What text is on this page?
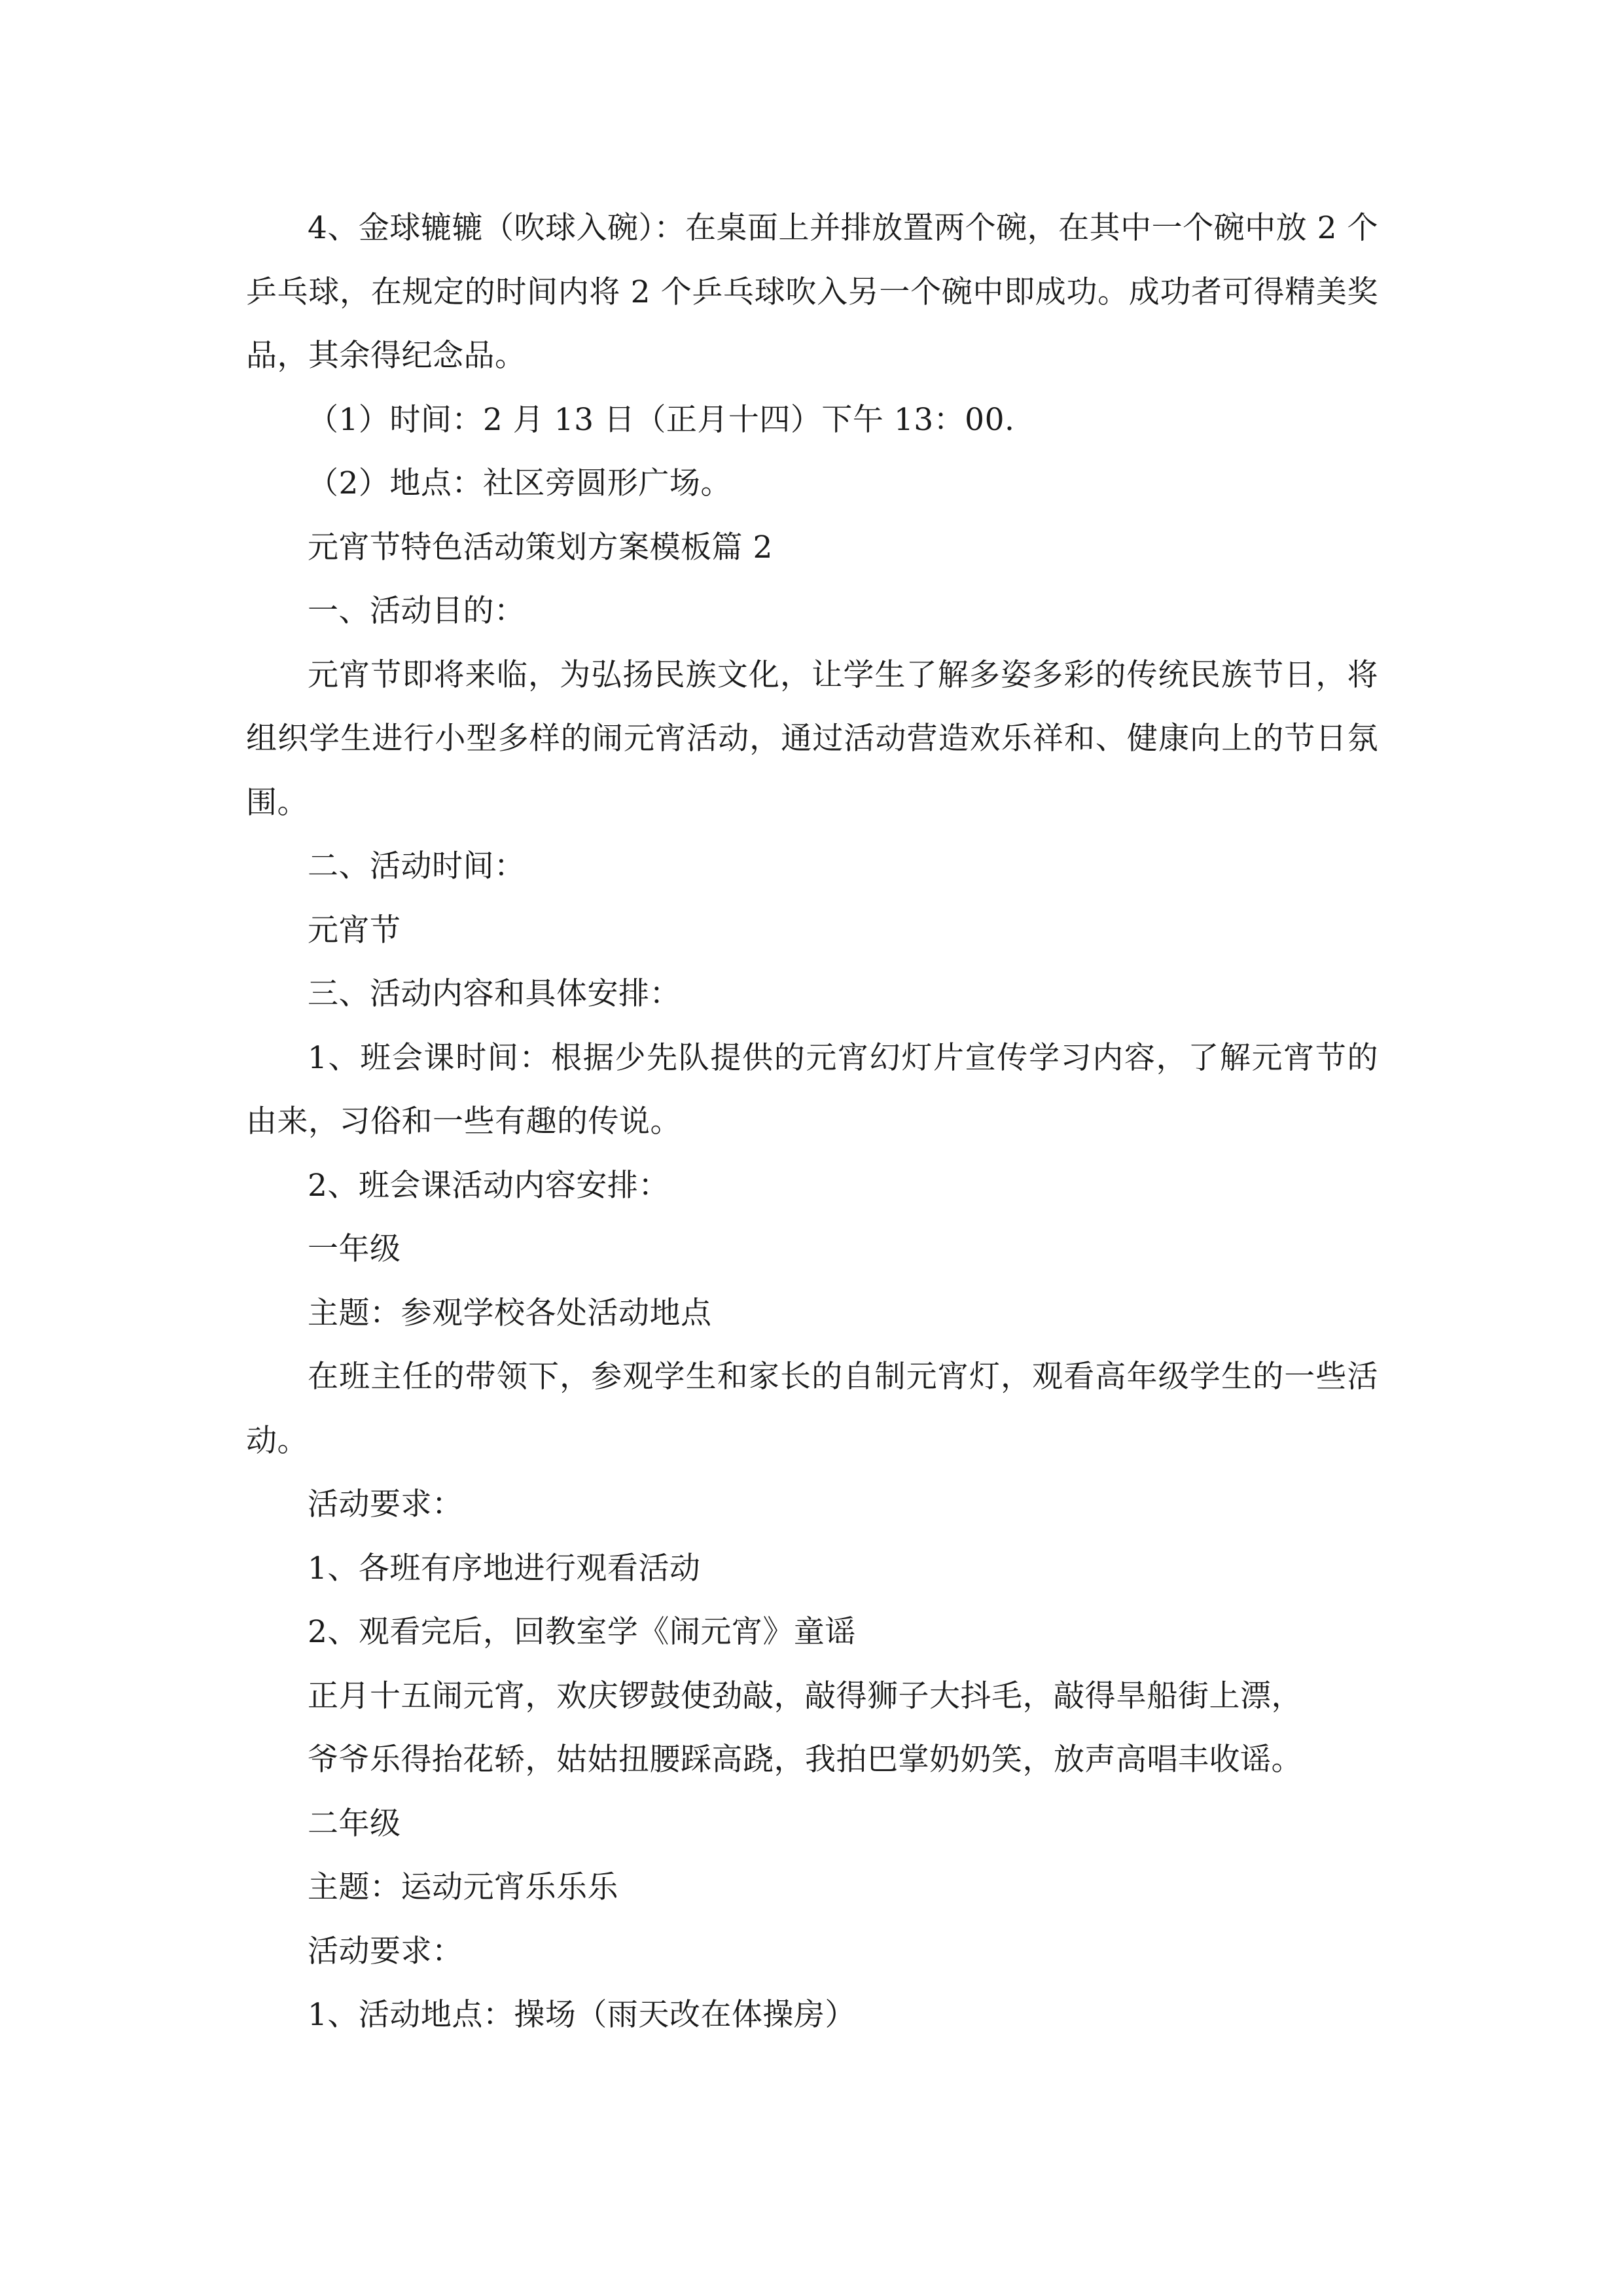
4、金球辘辘（吹球入碗）：在桌面上并排放置两个碗，在其中一个碗中放 2 个乒乓球，在规定的时间内将 2 个乒乓球吹入另一个碗中即成功。成功者可得精美奖品，其余得纪念品。

（1）时间：2 月 13 日（正月十四）下午 13：00.

（2）地点：社区旁圆形广场。

元宵节特色活动策划方案模板篇 2

一、活动目的：

元宵节即将来临，为弘扬民族文化，让学生了解多姿多彩的传统民族节日，将组织学生进行小型多样的闹元宵活动，通过活动营造欢乐祥和、健康向上的节日氛围。

二、活动时间：

元宵节

三、活动内容和具体安排：

1、班会课时间：根据少先队提供的元宵幻灯片宣传学习内容，了解元宵节的由来，习俗和一些有趣的传说。

2、班会课活动内容安排：

一年级

主题：参观学校各处活动地点

在班主任的带领下，参观学生和家长的自制元宵灯，观看高年级学生的一些活动。

活动要求：

1、各班有序地进行观看活动

2、观看完后，回教室学《闹元宵》童谣

正月十五闹元宵，欢庆锣鼓使劲敲，敲得狮子大抖毛，敲得旱船街上漂，

爷爷乐得抬花轿，姑姑扭腰踩高跷，我拍巴掌奶奶笑，放声高唱丰收谣。

二年级

主题：运动元宵乐乐乐

活动要求：

1、活动地点：操场（雨天改在体操房）
